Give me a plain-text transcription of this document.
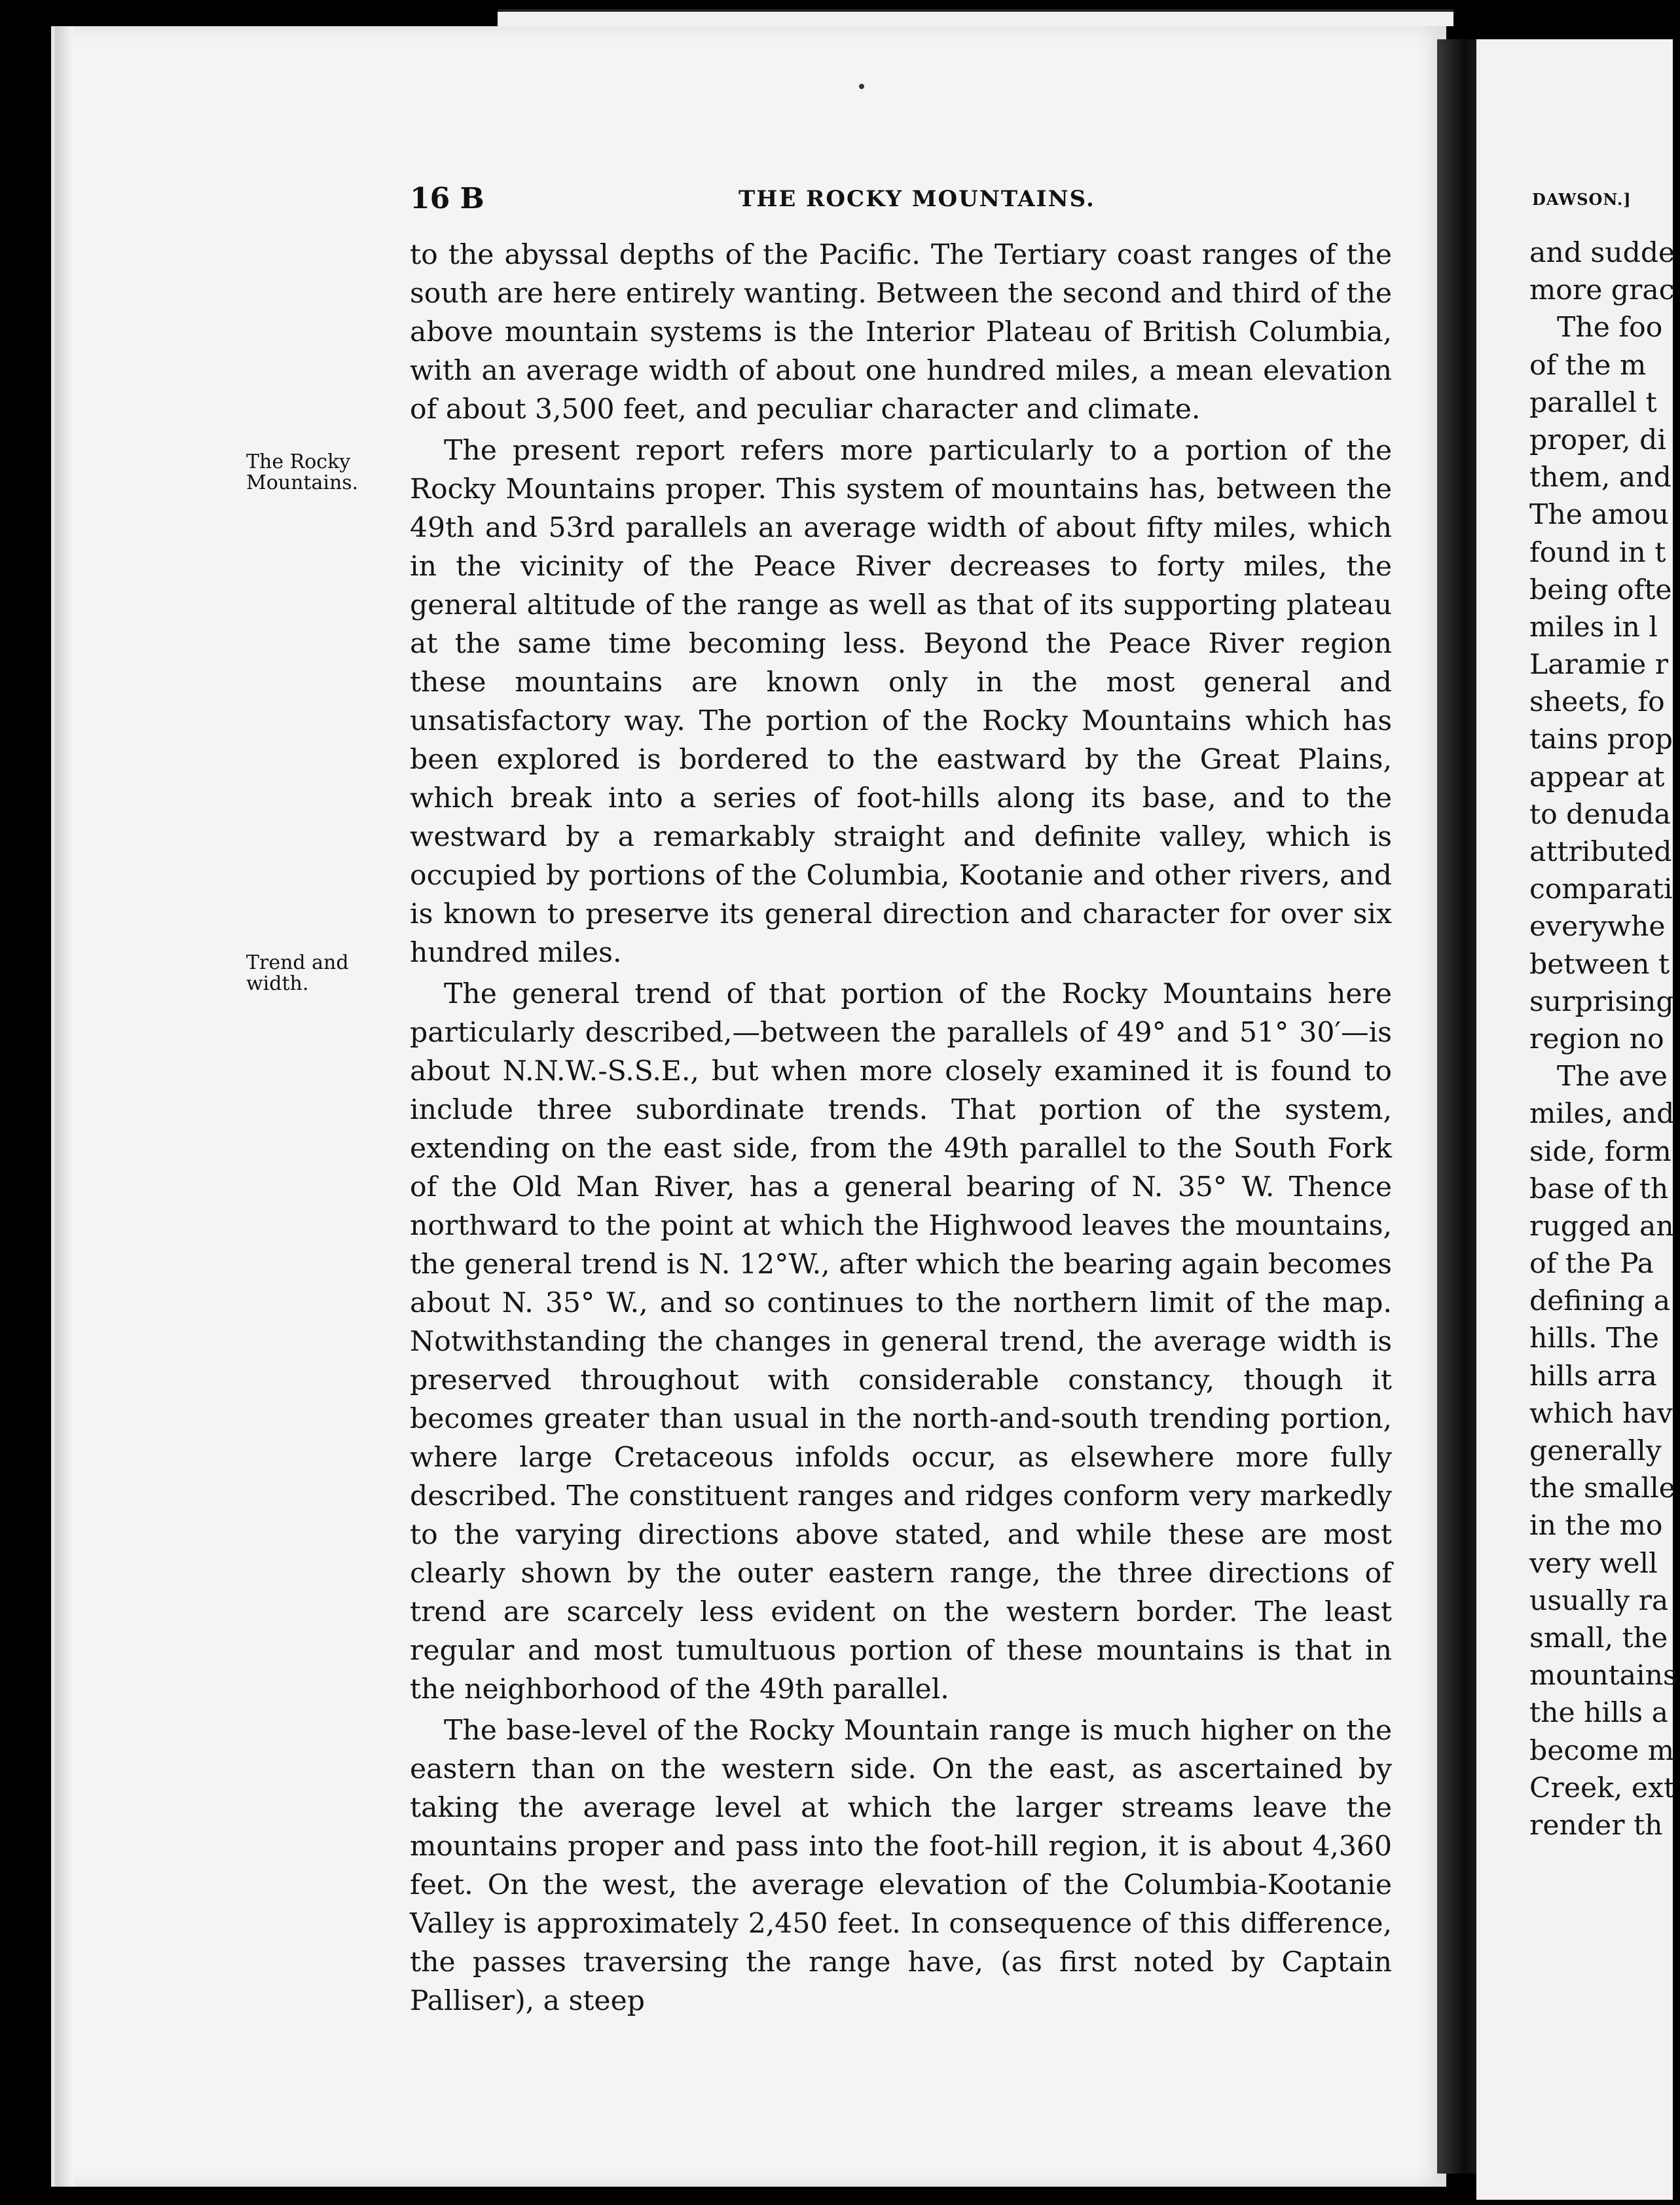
16 B	THE ROCKY MOUNTAINS.	DAWSON.]
The Rocky
Mountains.
Trend and
width.

to the abyssal depths of the Pacific. The Tertiary coast ranges of the south are here entirely wanting. Between the second and third of the above mountain systems is the Interior Plateau of British Columbia, with an average width of about one hundred miles, a mean elevation of about 3,500 feet, and peculiar character and climate.

The present report refers more particularly to a portion of the Rocky Mountains proper. This system of mountains has, between the 49th and 53rd parallels an average width of about fifty miles, which in the vicinity of the Peace River decreases to forty miles, the general altitude of the range as well as that of its supporting plateau at the same time becoming less. Beyond the Peace River region these mountains are known only in the most general and unsatisfactory way. The portion of the Rocky Mountains which has been explored is bordered to the eastward by the Great Plains, which break into a series of foot-hills along its base, and to the westward by a remarkably straight and definite valley, which is occupied by portions of the Columbia, Kootanie and other rivers, and is known to preserve its general direction and character for over six hundred miles.

The general trend of that portion of the Rocky Mountains here particularly described,—between the parallels of 49° and 51° 30′—is about N.N.W.-S.S.E., but when more closely examined it is found to include three subordinate trends. That portion of the system, extending on the east side, from the 49th parallel to the South Fork of the Old Man River, has a general bearing of N. 35° W. Thence northward to the point at which the Highwood leaves the mountains, the general trend is N. 12°W., after which the bearing again becomes about N. 35° W., and so continues to the northern limit of the map. Notwithstanding the changes in general trend, the average width is preserved throughout with considerable constancy, though it becomes greater than usual in the north-and-south trending portion, where large Cretaceous infolds occur, as elsewhere more fully described. The constituent ranges and ridges conform very markedly to the varying directions above stated, and while these are most clearly shown by the outer eastern range, the three directions of trend are scarcely less evident on the western border. The least regular and most tumultuous portion of these mountains is that in the neighborhood of the 49th parallel.

The base-level of the Rocky Mountain range is much higher on the eastern than on the western side. On the east, as ascertained by taking the average level at which the larger streams leave the mountains proper and pass into the foot-hill region, it is about 4,360 feet. On the west, the average elevation of the Columbia-Kootanie Valley is approximately 2,450 feet. In consequence of this difference, the passes traversing the range have, (as first noted by Captain Palliser), a steep

and sudde
more grac
The foo
of the m
parallel t
proper, di
them, and
The amou
found in t
being ofte
miles in l
Laramie r
sheets, fo
tains prop
appear at
to denuda
attributed
comparati
everywhe
between t
surprising
region no
The ave
miles, and
side, form
base of th
rugged an
of the Pa
defining a
hills. The
hills arra
which hav
generally
the smalle
in the mo
very well
usually ra
small, the
mountains
the hills a
become m
Creek, ext
render th
